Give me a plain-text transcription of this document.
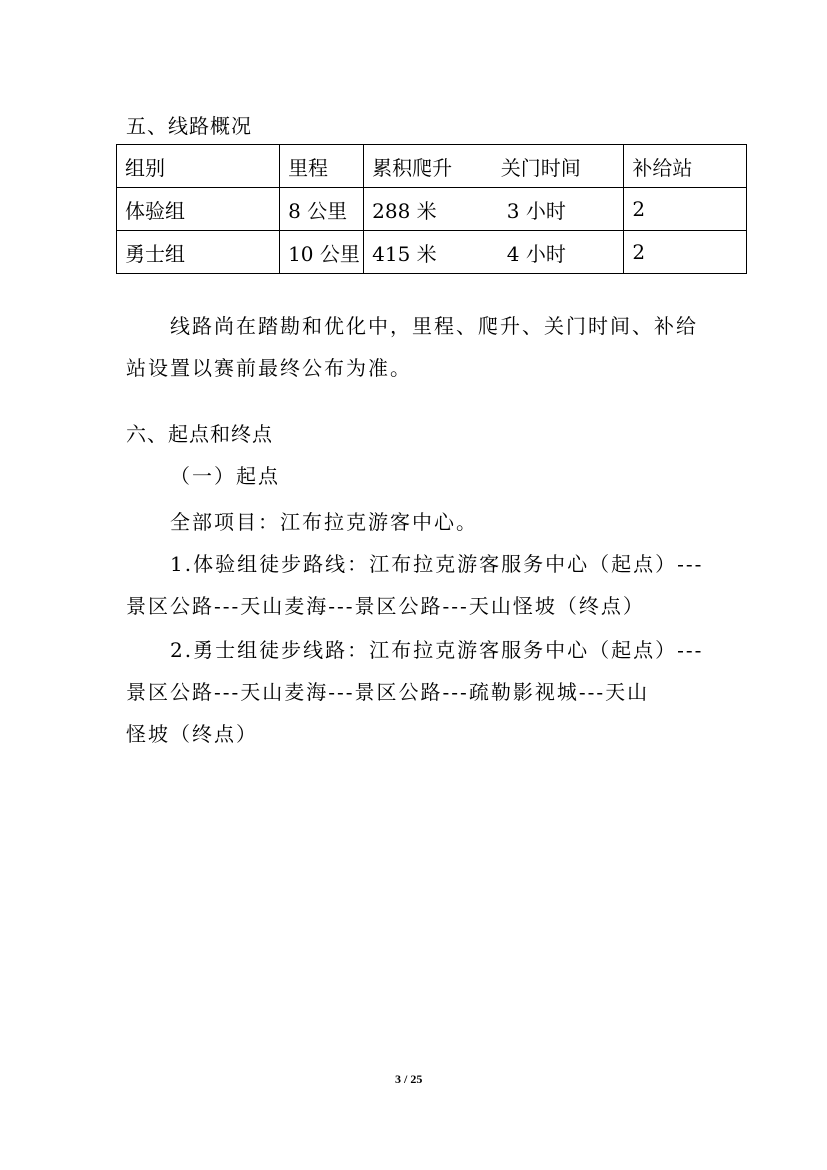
五、线路概况
组别	里程	累积爬升	关门时间	补给站
体验组	8 公里	288 米	3 小时	2
勇士组	10 公里	415 米	4 小时	2
线路尚在踏勘和优化中，里程、爬升、关门时间、补给
站设置以赛前最终公布为准。
六、起点和终点
（一）起点
全部项目：江布拉克游客中心。
1.体验组徒步路线：江布拉克游客服务中心（起点）---
景区公路---天山麦海---景区公路---天山怪坡（终点）
2.勇士组徒步线路：江布拉克游客服务中心（起点）---
景区公路---天山麦海---景区公路---疏勒影视城---天山
怪坡（终点）
3 / 25
